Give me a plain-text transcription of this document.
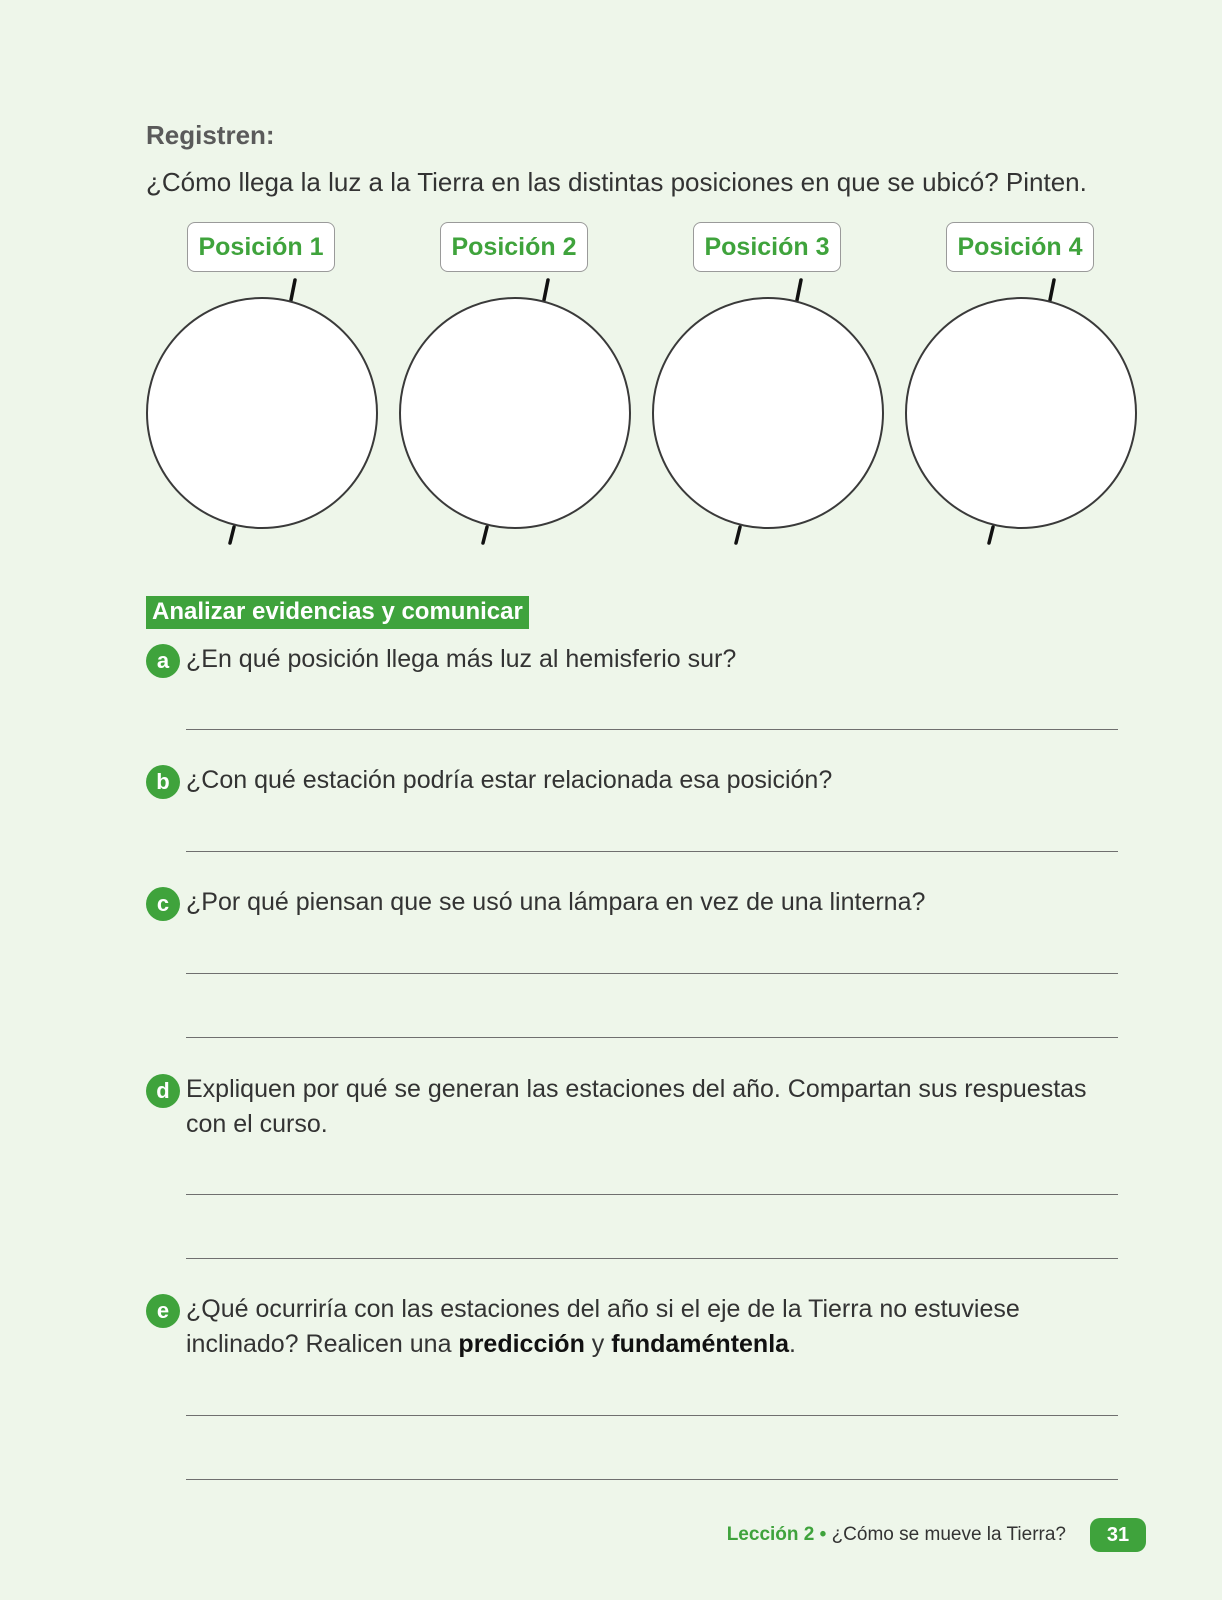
Registren:
¿Cómo llega la luz a la Tierra en las distintas posiciones en que se ubicó? Pinten.
Posición 1	Posición 2	Posición 3	Posición 4
Analizar evidencias y comunicar
a ¿En qué posición llega más luz al hemisferio sur?
b ¿Con qué estación podría estar relacionada esa posición?
c ¿Por qué piensan que se usó una lámpara en vez de una linterna?
d Expliquen por qué se generan las estaciones del año. Compartan sus respuestas con el curso.
e ¿Qué ocurriría con las estaciones del año si el eje de la Tierra no estuviese inclinado? Realicen una predicción y fundaméntenla.
Lección 2 • ¿Cómo se mueve la Tierra?	31
